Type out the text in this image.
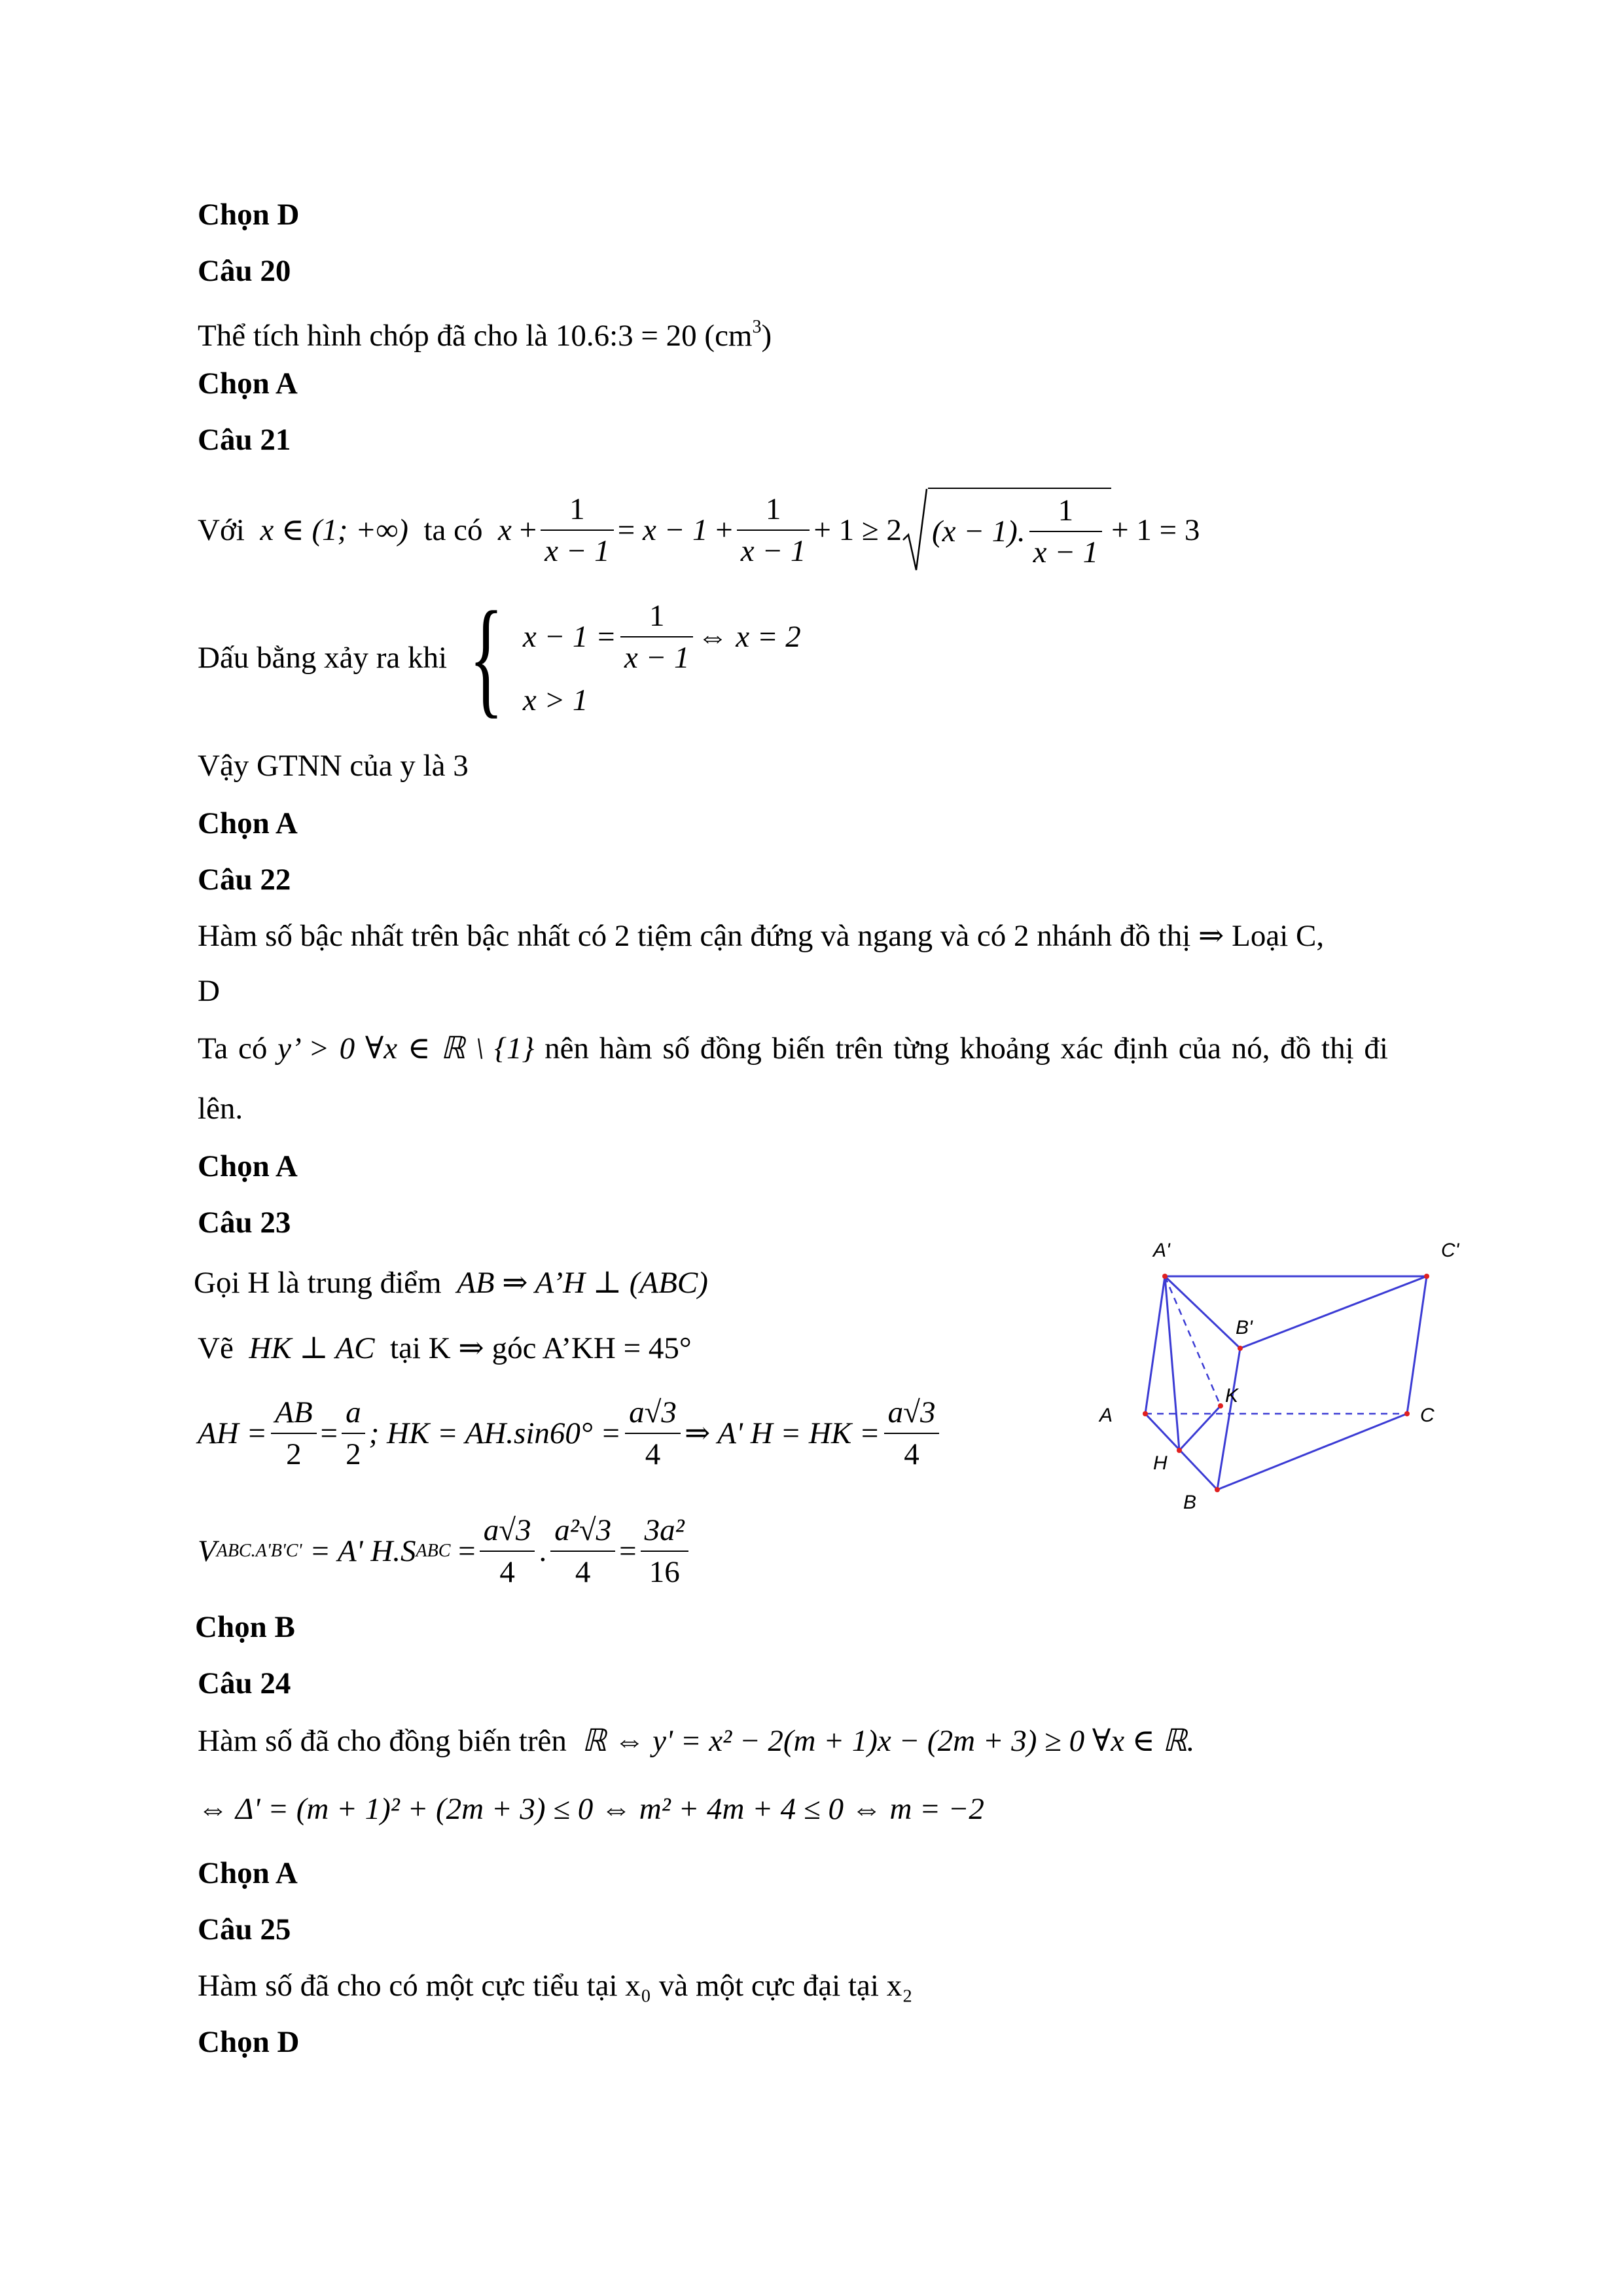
Chọn D
Câu 20
Thể tích hình chóp đã cho là 10.6:3 = 20 $(cm^3)$
Chọn A
Câu 21
Với
x ∈ (1; +∞)
ta có
x
+ $\frac{1}{x - 1}$ =
x − 1
+ $\frac{1}{x - 1} + 1 \ge 2$ (x − 1). $\frac{1}{x - 1} + 1 = 3$
Dấu bằng xảy ra khi
{ $x - 1 = \frac{1}{x - 1}$ ⇔ x = 2
x > 1
Vậy GTNN của y là 3
Chọn A
Câu 22
Hàm số bậc nhất trên bậc nhất có 2 tiệm cận đứng và ngang và có 2 nhánh đồ thị ⇒ Loại C,
D
Ta có y’ > 0 ∀x ∈ ℝ \ {1} nên hàm số đồng biến trên từng khoảng xác định của nó, đồ thị đi
lên.
Chọn A
Câu 23
Gọi H là trung điểm AB ⇒ A’H ⊥ (ABC)
Vẽ HK ⊥ AC tại K ⇒ góc A’KH = 45°
AH = $\frac{AB}{2} = \frac{a}{2}$ ; HK = $AH.\sin 60^\circ = \frac{a√3}{4}$ ⇒ A' H = HK = $\frac{a√3}{4}$
V ABC.A'B'C'
= A' H.S ABC
= $\frac{a√3}{4}$ . $\frac{\text{a²√3}}{4} = \frac{\text{3a²}}{16}$
Chọn B
A'	C'
B'
K
A	C
H
B
Câu 24
Hàm số đã cho đồng biến trên ℝ ⇔ y' = x² − 2(m + 1)x − (2m + 3) ≥ 0 ∀x ∈ ℝ.
⇔ Δ' = (m + 1)² + (2m + 3) ≤ 0 ⇔ m² + 4m + 4 ≤ 0 ⇔ m = −2
Chọn A
Câu 25
Hàm số đã cho có một cực tiểu tại x₀ và một cực đại tại x₂
Chọn D
